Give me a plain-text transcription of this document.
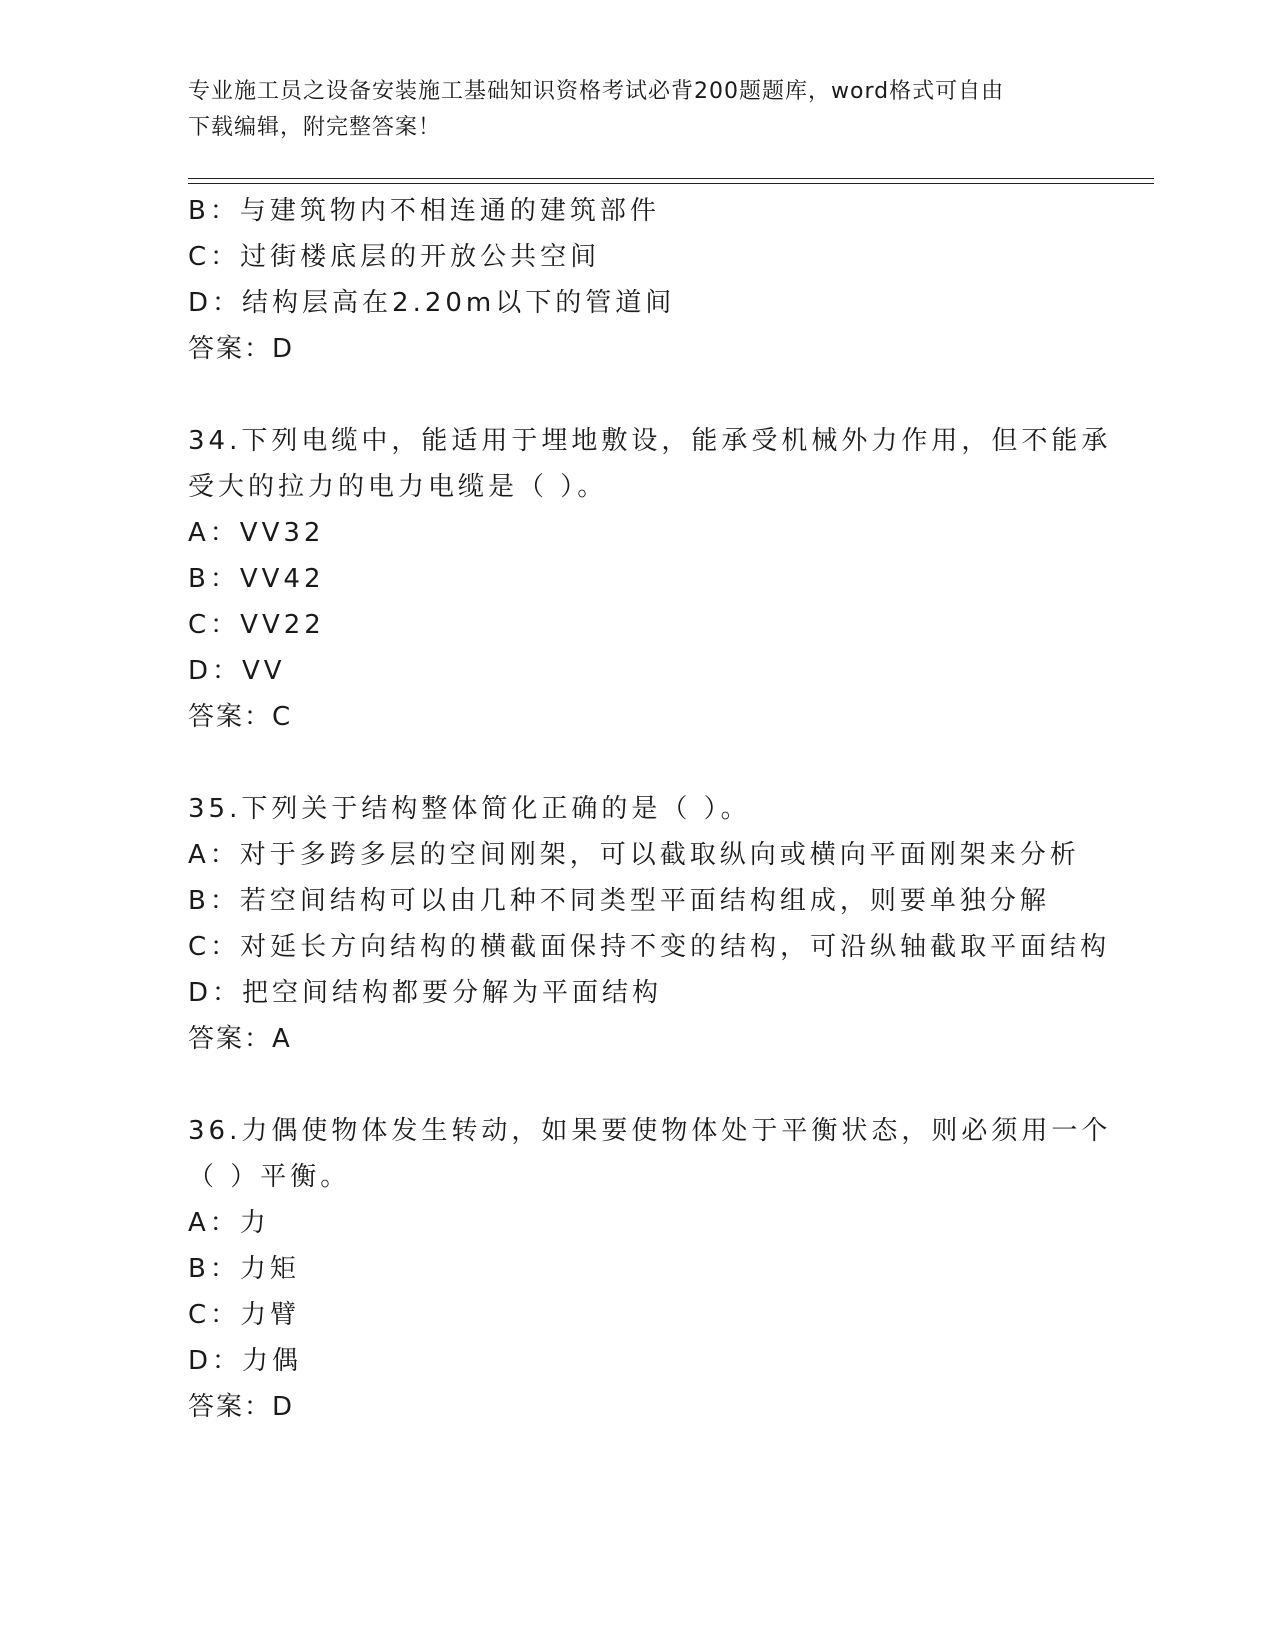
专业施工员之设备安装施工基础知识资格考试必背200题题库，word格式可自由
下载编辑，附完整答案！
B：与建筑物内不相连通的建筑部件
C：过街楼底层的开放公共空间
D：结构层高在2.20m以下的管道间
答案：D
34.下列电缆中，能适用于埋地敷设，能承受机械外力作用，但不能承
受大的拉力的电力电缆是（ ）。
A：VV32
B：VV42
C：VV22
D：VV
答案：C
35.下列关于结构整体简化正确的是（ ）。
A：对于多跨多层的空间刚架，可以截取纵向或横向平面刚架来分析
B：若空间结构可以由几种不同类型平面结构组成，则要单独分解
C：对延长方向结构的横截面保持不变的结构，可沿纵轴截取平面结构
D：把空间结构都要分解为平面结构
答案：A
36.力偶使物体发生转动，如果要使物体处于平衡状态，则必须用一个
（ ）平衡。
A：力
B：力矩
C：力臂
D：力偶
答案：D
